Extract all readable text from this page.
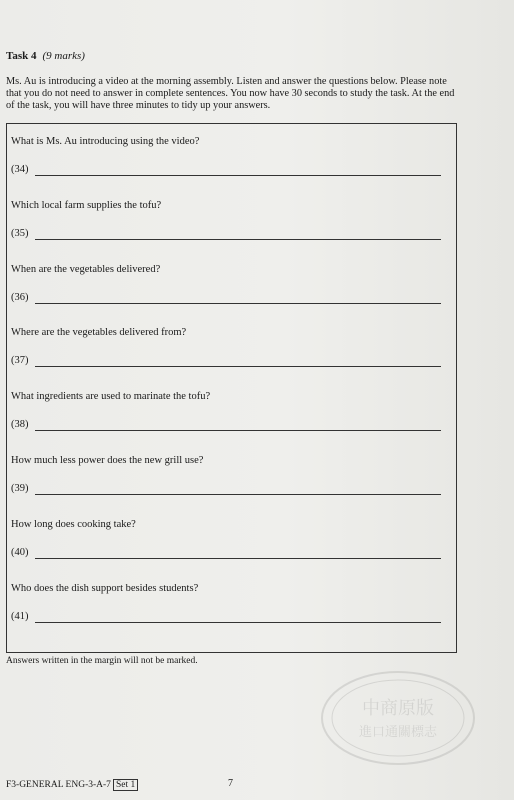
Task 4 (9 marks)
Ms. Au is introducing a video at the morning assembly. Listen and answer the questions below. Please note that you do not need to answer in complete sentences. You now have 30 seconds to study the task. At the end of the task, you will have three minutes to tidy up your answers.
What is Ms. Au introducing using the video?
(34)
Which local farm supplies the tofu?
(35)
When are the vegetables delivered?
(36)
Where are the vegetables delivered from?
(37)
What ingredients are used to marinate the tofu?
(38)
How much less power does the new grill use?
(39)
How long does cooking take?
(40)
Who does the dish support besides students?
(41)
Answers written in the margin will not be marked.
中商原版
進口通關標志
F3-GENERAL ENG-3-A-7 Set 1	7
